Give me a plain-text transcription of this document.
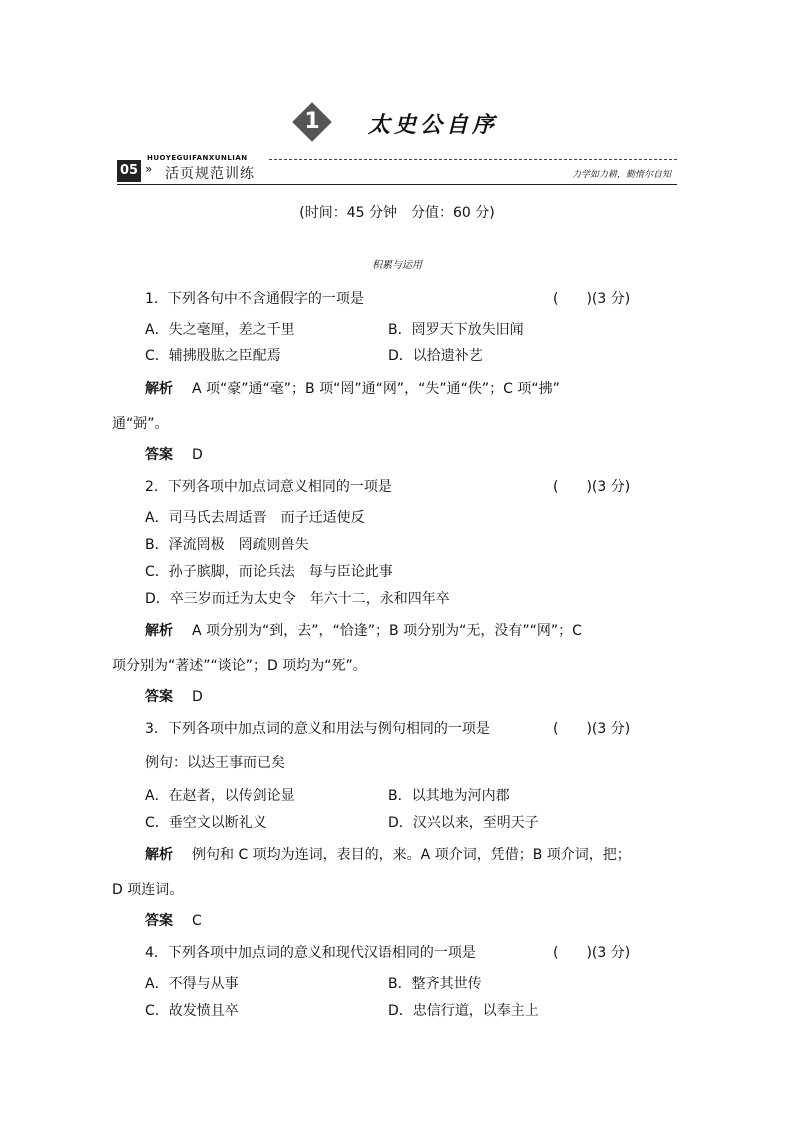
1	太史公自序
05
HUOYEGUIFANXUNLIAN
» 活页规范训练	力学如力耕，勤惰尔自知
(时间：45 分钟　分值：60 分)
积累与运用
1．下列各句中不含通假字的一项是	(　　)(3 分)
A．失之毫厘，差之千里	B．罔罗天下放失旧闻
C．辅拂股肱之臣配焉	D．以拾遗补艺
解析 A 项“豪”通“毫”；B 项“罔”通“网”，“失”通“佚”；C 项“拂”
通“弼”。
答案 D
2．下列各项中加点词意义相同的一项是	(　　)(3 分)
A．司马氏去周适晋　而子迁适使反
B．泽流罔极　罔疏则兽失
C．孙子膑脚，而论兵法　每与臣论此事
D．卒三岁而迁为太史令　年六十二，永和四年卒
解析 A 项分别为“到，去”，“恰逢”；B 项分别为“无，没有”“网”；C
项分别为“著述”“谈论”；D 项均为“死”。
答案 D
3．下列各项中加点词的意义和用法与例句相同的一项是	(　　)(3 分)
例句：以达王事而已矣
A．在赵者，以传剑论显	B．以其地为河内郡
C．垂空文以断礼义	D．汉兴以来，至明天子
解析 例句和 C 项均为连词，表目的，来。A 项介词，凭借；B 项介词，把；
D 项连词。
答案 C
4．下列各项中加点词的意义和现代汉语相同的一项是	(　　)(3 分)
A．不得与从事	B．整齐其世传
C．故发愤且卒	D．忠信行道，以奉主上
